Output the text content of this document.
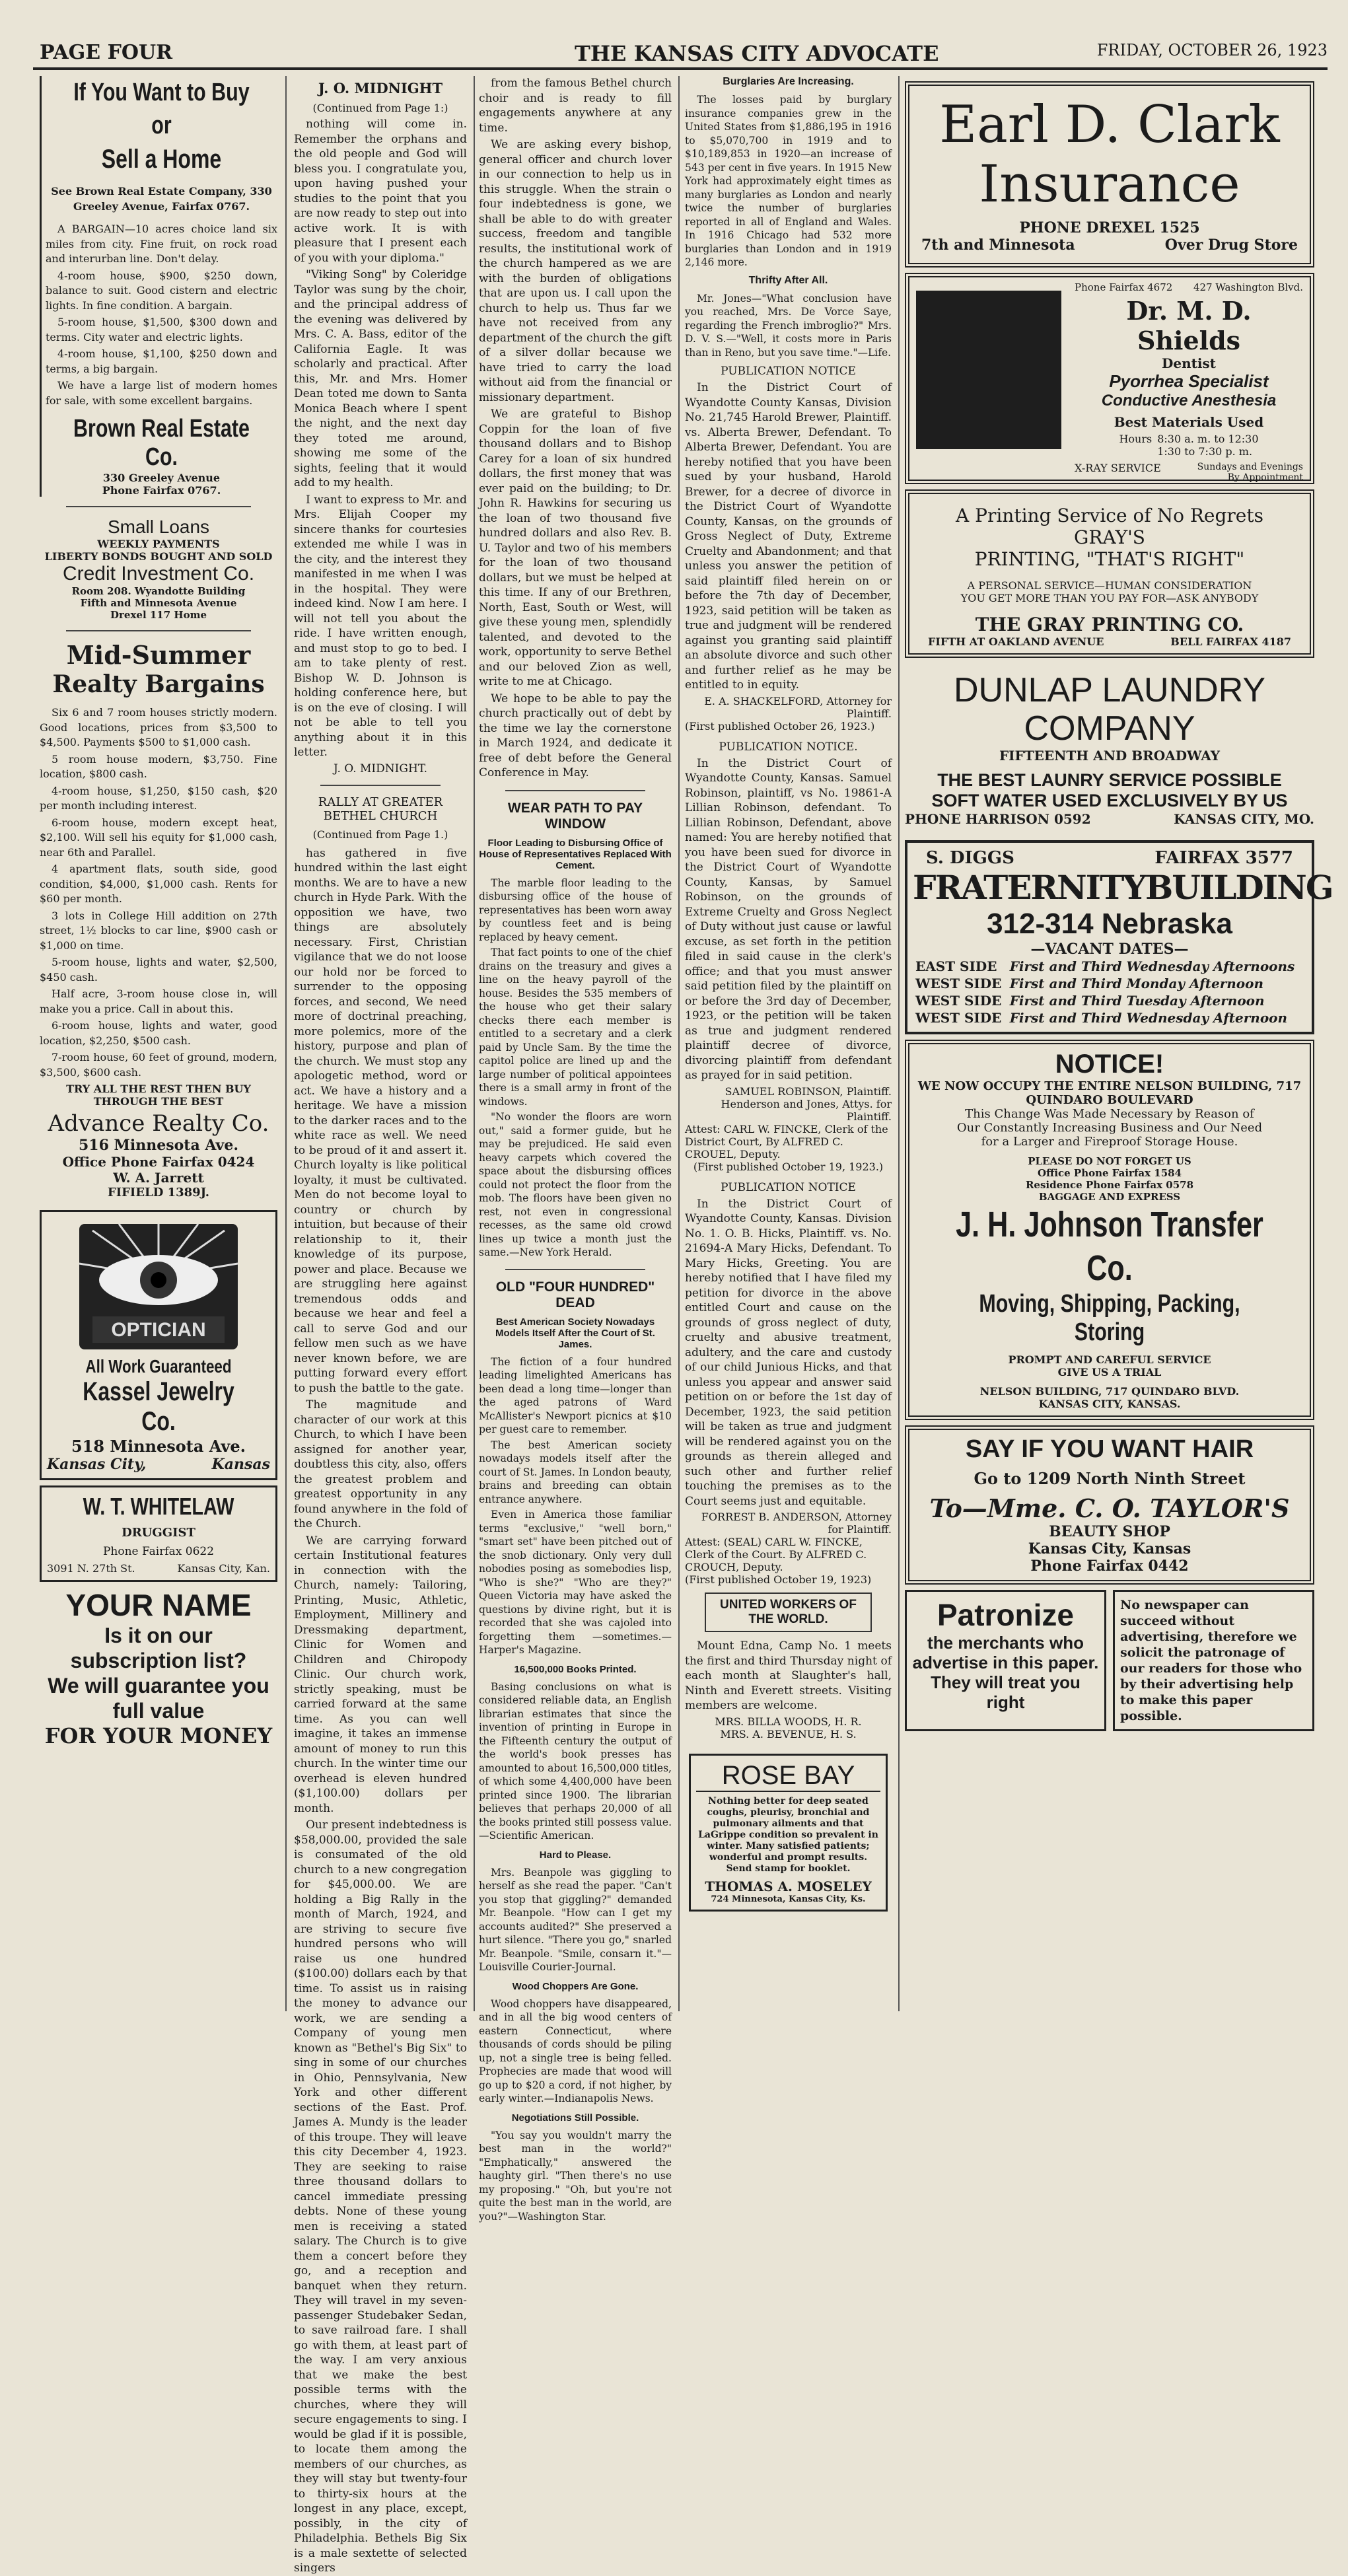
PAGE FOUR	THE KANSAS CITY ADVOCATE	FRIDAY, OCTOBER 26, 1923
If You Want to Buy or
Sell a Home
See Brown Real Estate Company, 330 Greeley Avenue, Fairfax 0767.

A BARGAIN—10 acres choice land six miles from city. Fine fruit, on rock road and interurban line. Don't delay.

4-room house, $900, $250 down, balance to suit. Good cistern and electric lights. In fine condition. A bargain.

5-room house, $1,500, $300 down and terms. City water and electric lights.

4-room house, $1,100, $250 down and terms, a big bargain.

We have a large list of modern homes for sale, with some excellent bargains.

Brown Real Estate Co.
330 Greeley Avenue
Phone Fairfax 0767.
Small Loans
WEEKLY PAYMENTS
LIBERTY BONDS BOUGHT AND SOLD
Credit Investment Co.
Room 208. Wyandotte Building
Fifth and Minnesota Avenue
Drexel 117 Home
Mid-Summer
Realty Bargains

Six 6 and 7 room houses strictly modern. Good locations, prices from $3,500 to $4,500. Payments $500 to $1,000 cash.

5 room house modern, $3,750. Fine location, $800 cash.

4-room house, $1,250, $150 cash, $20 per month including interest.

6-room house, modern except heat, $2,100. Will sell his equity for $1,000 cash, near 6th and Parallel.

4 apartment flats, south side, good condition, $4,000, $1,000 cash. Rents for $60 per month.

3 lots in College Hill addition on 27th street, 1½ blocks to car line, $900 cash or $1,000 on time.

5-room house, lights and water, $2,500, $450 cash.

Half acre, 3-room house close in, will make you a price. Call in about this.

6-room house, lights and water, good location, $2,250, $500 cash.

7-room house, 60 feet of ground, modern, $3,500, $600 cash.

TRY ALL THE REST THEN BUY THROUGH THE BEST
Advance Realty Co.
516 Minnesota Ave.
Office Phone Fairfax 0424
W. A. Jarrett
FIFIELD 1389J.
OPTICIAN
All Work Guaranteed
Kassel Jewelry Co.
518 Minnesota Ave.
Kansas City,	Kansas
W. T. WHITELAW
DRUGGIST
Phone Fairfax 0622
3091 N. 27th St.	Kansas City, Kan.
YOUR NAME
Is it on our subscription list?
We will guarantee you full value
FOR YOUR MONEY
J. O. MIDNIGHT
(Continued from Page 1:)

nothing will come in. Remember the orphans and the old people and God will bless you. I congratulate you, upon having pushed your studies to the point that you are now ready to step out into active work. It is with pleasure that I present each of you with your diploma."

"Viking Song" by Coleridge Taylor was sung by the choir, and the principal address of the evening was delivered by Mrs. C. A. Bass, editor of the California Eagle. It was scholarly and practical. After this, Mr. and Mrs. Homer Dean toted me down to Santa Monica Beach where I spent the night, and the next day they toted me around, showing me some of the sights, feeling that it would add to my health.

I want to express to Mr. and Mrs. Elijah Cooper my sincere thanks for courtesies extended me while I was in the city, and the interest they manifested in me when I was in the hospital. They were indeed kind. Now I am here. I will not tell you about the ride. I have written enough, and must stop to go to bed. I am to take plenty of rest. Bishop W. D. Johnson is holding conference here, but is on the eve of closing. I will not be able to tell you anything about it in this letter.

J. O. MIDNIGHT.
RALLY AT GREATER BETHEL CHURCH
(Continued from Page 1.)

has gathered in five hundred within the last eight months. We are to have a new church in Hyde Park. With the opposition we have, two things are absolutely necessary. First, Christian vigilance that we do not loose our hold nor be forced to surrender to the opposing forces, and second, We need more of doctrinal preaching, more polemics, more of the history, purpose and plan of the church. We must stop any apologetic method, word or act. We have a history and a heritage. We have a mission to the darker races and to the white race as well. We need to be proud of it and assert it. Church loyalty is like political loyalty, it must be cultivated. Men do not become loyal to country or church by intuition, but because of their relationship to it, their knowledge of its purpose, power and place. Because we are struggling here against tremendous odds and because we hear and feel a call to serve God and our fellow men such as we have never known before, we are putting forward every effort to push the battle to the gate.

The magnitude and character of our work at this Church, to which I have been assigned for another year, doubtless this city, also, offers the greatest problem and greatest opportunity in any found anywhere in the fold of the Church.

We are carrying forward certain Institutional features in connection with the Church, namely: Tailoring, Printing, Music, Athletic, Employment, Millinery and Dressmaking department, Clinic for Women and Children and Chiropody Clinic. Our church work, strictly speaking, must be carried forward at the same time. As you can well imagine, it takes an immense amount of money to run this church. In the winter time our overhead is eleven hundred ($1,100.00) dollars per month.

Our present indebtedness is $58,000.00, provided the sale is consumated of the old church to a new congregation for $45,000.00. We are holding a Big Rally in the month of March, 1924, and are striving to secure five hundred persons who will raise us one hundred ($100.00) dollars each by that time. To assist us in raising the money to advance our work, we are sending a Company of young men known as "Bethel's Big Six" to sing in some of our churches in Ohio, Pennsylvania, New York and other different sections of the East. Prof. James A. Mundy is the leader of this troupe. They will leave this city December 4, 1923. They are seeking to raise three thousand dollars to cancel immediate pressing debts. None of these young men is receiving a stated salary. The Church is to give them a concert before they go, and a reception and banquet when they return. They will travel in my seven-passenger Studebaker Sedan, to save railroad fare. I shall go with them, at least part of the way. I am very anxious that we make the best possible terms with the churches, where they will secure engagements to sing. I would be glad if it is possible, to locate them among the members of our churches, as they will stay but twenty-four to thirty-six hours at the longest in any place, except, possibly, in the city of Philadelphia. Bethels Big Six is a male sextette of selected singers

from the famous Bethel church choir and is ready to fill engagements anywhere at any time.

We are asking every bishop, general officer and church lover in our connection to help us in this struggle. When the strain o four indebtedness is gone, we shall be able to do with greater success, freedom and tangible results, the institutional work of the church hampered as we are with the burden of obligations that are upon us. I call upon the church to help us. Thus far we have not received from any department of the church the gift of a silver dollar because we have tried to carry the load without aid from the financial or missionary department.

We are grateful to Bishop Coppin for the loan of five thousand dollars and to Bishop Carey for a loan of six hundred dollars, the first money that was ever paid on the building; to Dr. John R. Hawkins for securing us the loan of two thousand five hundred dollars and also Rev. B. U. Taylor and two of his members for the loan of two thousand dollars, but we must be helped at this time. If any of our Brethren, North, East, South or West, will give these young men, splendidly talented, and devoted to the work, opportunity to serve Bethel and our beloved Zion as well, write to me at Chicago.

We hope to be able to pay the church practically out of debt by the time we lay the cornerstone in March 1924, and dedicate it free of debt before the General Conference in May.

WEAR PATH TO PAY WINDOW
Floor Leading to Disbursing Office of House of Representatives Replaced With Cement.

The marble floor leading to the disbursing office of the house of representatives has been worn away by countless feet and is being replaced by heavy cement.

That fact points to one of the chief drains on the treasury and gives a line on the heavy payroll of the house. Besides the 535 members of the house who get their salary checks there each member is entitled to a secretary and a clerk paid by Uncle Sam. By the time the capitol police are lined up and the large number of political appointees there is a small army in front of the windows.

"No wonder the floors are worn out," said a former guide, but he may be prejudiced. He said even heavy carpets which covered the space about the disbursing offices could not protect the floor from the mob. The floors have been given no rest, not even in congressional recesses, as the same old crowd lines up twice a month just the same.—New York Herald.

OLD "FOUR HUNDRED" DEAD
Best American Society Nowadays Models Itself After the Court of St. James.

The fiction of a four hundred leading limelighted Americans has been dead a long time—longer than the aged patrons of Ward McAllister's Newport picnics at $10 per guest care to remember.

The best American society nowadays models itself after the court of St. James. In London beauty, brains and breeding can obtain entrance anywhere.

Even in America those familiar terms "exclusive," "well born," "smart set" have been pitched out of the snob dictionary. Only very dull nobodies posing as somebodies lisp, "Who is she?" "Who are they?" Queen Victoria may have asked the questions by divine right, but it is recorded that she was cajoled into forgetting them —sometimes.—Harper's Magazine.

16,500,000 Books Printed.

Basing conclusions on what is considered reliable data, an English librarian estimates that since the invention of printing in Europe in the Fifteenth century the output of the world's book presses has amounted to about 16,500,000 titles, of which some 4,400,000 have been printed since 1900. The librarian believes that perhaps 20,000 of all the books printed still possess value.—Scientific American.

Hard to Please.

Mrs. Beanpole was giggling to herself as she read the paper. "Can't you stop that giggling?" demanded Mr. Beanpole. "How can I get my accounts audited?" She preserved a hurt silence. "There you go," snarled Mr. Beanpole. "Smile, consarn it."—Louisville Courier-Journal.

Wood Choppers Are Gone.

Wood choppers have disappeared, and in all the big wood centers of eastern Connecticut, where thousands of cords should be piling up, not a single tree is being felled. Prophecies are made that wood will go up to $20 a cord, if not higher, by early winter.—Indianapolis News.

Negotiations Still Possible.

"You say you wouldn't marry the best man in the world?" "Emphatically," answered the haughty girl. "Then there's no use my proposing." "Oh, but you're not quite the best man in the world, are you?"—Washington Star.

Burglaries Are Increasing.

The losses paid by burglary insurance companies grew in the United States from $1,886,195 in 1916 to $5,070,700 in 1919 and to $10,189,853 in 1920—an increase of 543 per cent in five years. In 1915 New York had approximately eight times as many burglaries as London and nearly twice the number of burglaries reported in all of England and Wales. In 1916 Chicago had 532 more burglaries than London and in 1919 2,146 more.

Thrifty After All.

Mr. Jones—"What conclusion have you reached, Mrs. De Vorce Saye, regarding the French imbroglio?" Mrs. D. V. S.—"Well, it costs more in Paris than in Reno, but you save time."—Life.

PUBLICATION NOTICE

In the District Court of Wyandotte County Kansas, Division No. 21,745 Harold Brewer, Plaintiff. vs. Alberta Brewer, Defendant. To Alberta Brewer, Defendant. You are hereby notified that you have been sued by your husband, Harold Brewer, for a decree of divorce in the District Court of Wyandotte County, Kansas, on the grounds of Gross Neglect of Duty, Extreme Cruelty and Abandonment; and that unless you answer the petition of said plaintiff filed herein on or before the 7th day of December, 1923, said petition will be taken as true and judgment will be rendered against you granting said plaintiff an absolute divorce and such other and further relief as he may be entitled to in equity.

E. A. SHACKELFORD, Attorney for Plaintiff.
(First published October 26, 1923.)
PUBLICATION NOTICE.

In the District Court of Wyandotte County, Kansas. Samuel Robinson, plaintiff, vs No. 19861-A Lillian Robinson, defendant. To Lillian Robinson, Defendant, above named: You are hereby notified that you have been sued for divorce in the District Court of Wyandotte County, Kansas, by Samuel Robinson, on the grounds of Extreme Cruelty and Gross Neglect of Duty without just cause or lawful excuse, as set forth in the petition filed in said cause in the clerk's office; and that you must answer said petition filed by the plaintiff on or before the 3rd day of December, 1923, or the petition will be taken as true and judgment rendered plaintiff decree of divorce, divorcing plaintiff from defendant as prayed for in said petition.

SAMUEL ROBINSON, Plaintiff. Henderson and Jones, Attys. for Plaintiff.
Attest: CARL W. FINCKE, Clerk of the District Court, By ALFRED C. CROUEL, Deputy.
(First published October 19, 1923.)
PUBLICATION NOTICE

In the District Court of Wyandotte County, Kansas. Division No. 1. O. B. Hicks, Plaintiff. vs. No. 21694-A Mary Hicks, Defendant. To Mary Hicks, Greeting. You are hereby notified that I have filed my petition for divorce in the above entitled Court and cause on the grounds of gross neglect of duty, cruelty and abusive treatment, adultery, and the care and custody of our child Junious Hicks, and that unless you appear and answer said petition on or before the 1st day of December, 1923, the said petition will be taken as true and judgment will be rendered against you on the grounds as therein alleged and such other and further relief touching the premises as to the Court seems just and equitable.

FORREST B. ANDERSON, Attorney for Plaintiff.
Attest: (SEAL) CARL W. FINCKE, Clerk of the Court. By ALFRED C. CROUCH, Deputy.
(First published October 19, 1923)
UNITED WORKERS OF THE WORLD.

Mount Edna, Camp No. 1 meets the first and third Thursday night of each month at Slaughter's hall, Ninth and Everett streets. Visiting members are welcome.

MRS. BILLA WOODS, H. R.
MRS. A. BEVENUE, H. S.
ROSE BAY
Nothing better for deep seated coughs, pleurisy, bronchial and pulmonary ailments and that LaGrippe condition so prevalent in winter. Many satisfied patients; wonderful and prompt results. Send stamp for booklet.
THOMAS A. MOSELEY
724 Minnesota, Kansas City, Ks.
Earl D. Clark
Insurance
PHONE DREXEL 1525
7th and Minnesota	Over Drug Store
Phone Fairfax 4672 427 Washington Blvd.
Dr. M. D. Shields
Dentist
Pyorrhea Specialist
Conductive Anesthesia
Best Materials Used
Hours 8:30 a. m. to 12:30
1:30 to 7:30 p. m.
X-RAY SERVICE	Sundays and Evenings By Appointment
A Printing Service of No Regrets
GRAY'S
PRINTING, "THAT'S RIGHT"
A PERSONAL SERVICE—HUMAN CONSIDERATION
YOU GET MORE THAN YOU PAY FOR—ASK ANYBODY
THE GRAY PRINTING CO.
FIFTH AT OAKLAND AVENUE	BELL FAIRFAX 4187
DUNLAP LAUNDRY
COMPANY
FIFTEENTH AND BROADWAY
THE BEST LAUNRY SERVICE POSSIBLE
SOFT WATER USED EXCLUSIVELY BY US
PHONE HARRISON 0592	KANSAS CITY, MO.
S. DIGGS	FAIRFAX 3577
FRATERNITYBUILDING
312-314 Nebraska
—VACANT DATES—
EAST SIDE	First and Third Wednesday Afternoons
WEST SIDE	First and Third Monday Afternoon
WEST SIDE	First and Third Tuesday Afternoon
WEST SIDE	First and Third Wednesday Afternoon
NOTICE!
WE NOW OCCUPY THE ENTIRE NELSON BUILDING, 717 QUINDARO BOULEVARD
This Change Was Made Necessary by Reason of Our Constantly Increasing Business and Our Need for a Larger and Fireproof Storage House.
PLEASE DO NOT FORGET US
Office Phone Fairfax 1584
Residence Phone Fairfax 0578
BAGGAGE AND EXPRESS
J. H. Johnson Transfer Co.
Moving, Shipping, Packing, Storing
PROMPT AND CAREFUL SERVICE
GIVE US A TRIAL
NELSON BUILDING, 717 QUINDARO BLVD.
KANSAS CITY, KANSAS.
SAY IF YOU WANT HAIR
Go to 1209 North Ninth Street
To—Mme. C. O. TAYLOR'S
BEAUTY SHOP
Kansas City, Kansas
Phone Fairfax 0442
Patronize
the merchants who advertise in this paper. They will treat you right
No newspaper can succeed without advertising, therefore we solicit the patronage of our readers for those who by their advertising help to make this paper possible.
